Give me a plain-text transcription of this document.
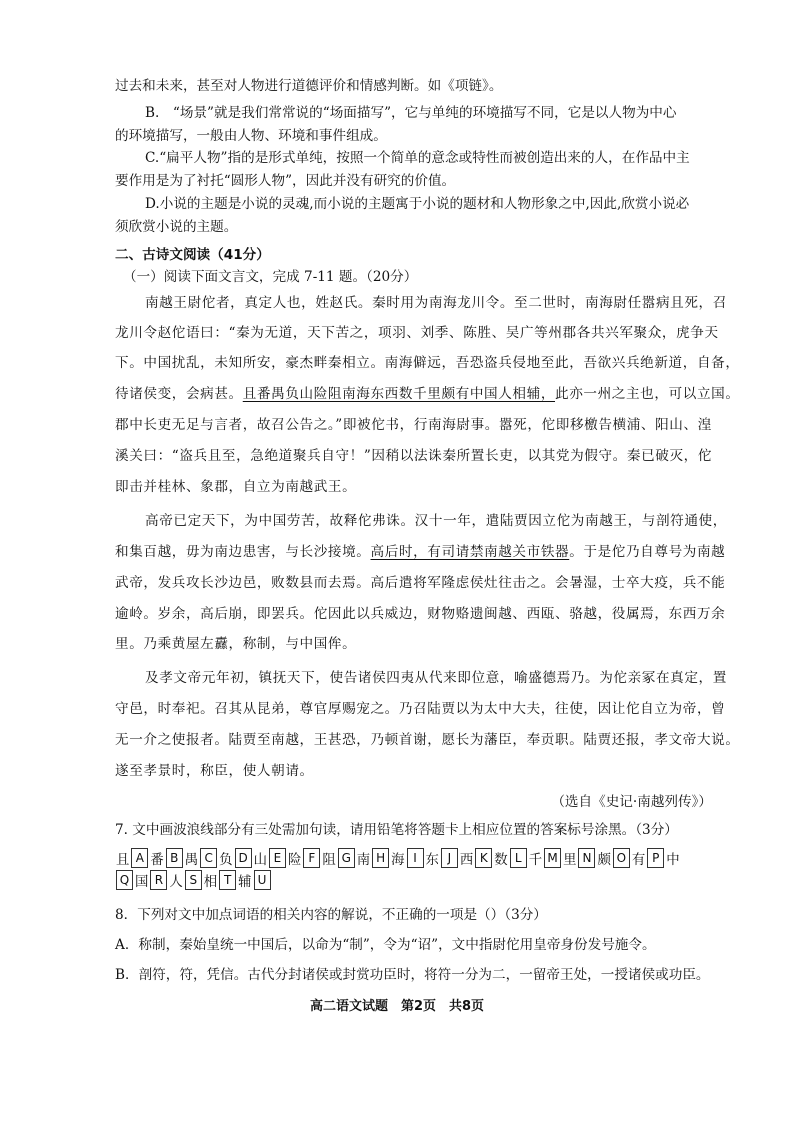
过去和未来，甚至对人物进行道德评价和情感判断。如《项链》。
B.　“场景”就是我们常常说的“场面描写”，它与单纯的环境描写不同，它是以人物为中心
的环境描写，一般由人物、环境和事件组成。
C.“扁平人物”指的是形式单纯，按照一个简单的意念或特性而被创造出来的人，在作品中主
要作用是为了衬托“圆形人物”，因此并没有研究的价值。
D.小说的主题是小说的灵魂,而小说的主题寓于小说的题材和人物形象之中,因此,欣赏小说必
须欣赏小说的主题。
二、古诗文阅读（41分）
（一）阅读下面文言文，完成 7-11 题。（20分）
南越王尉佗者，真定人也，姓赵氏。秦时用为南海龙川令。至二世时，南海尉任嚣病且死，召
龙川令赵佗语曰：“秦为无道，天下苦之，项羽、刘季、陈胜、吴广等州郡各共兴军聚众，虎争天
下。中国扰乱，未知所安，豪杰畔秦相立。南海僻远，吾恐盗兵侵地至此，吾欲兴兵绝新道，自备，
待诸侯变，会病甚。且番禺负山险阻南海东西数千里颇有中国人相辅，此亦一州之主也，可以立国。
郡中长吏无足与言者，故召公告之。”即被佗书，行南海尉事。嚣死，佗即移檄告横浦、阳山、湟
溪关曰：“盗兵且至，急绝道聚兵自守！”因稍以法诛秦所置长吏，以其党为假守。秦已破灭，佗
即击并桂林、象郡，自立为南越武王。
高帝已定天下，为中国劳苦，故释佗弗诛。汉十一年，遣陆贾因立佗为南越王，与剖符通使，
和集百越，毋为南边患害，与长沙接境。高后时，有司请禁南越关市铁器。于是佗乃自尊号为南越
武帝，发兵攻长沙边邑，败数县而去焉。高后遣将军隆虑侯灶往击之。会暑湿，士卒大疫，兵不能
逾岭。岁余，高后崩，即罢兵。佗因此以兵威边，财物赂遗闽越、西瓯、骆越，役属焉，东西万余
里。乃乘黄屋左纛，称制，与中国侔。
及孝文帝元年初，镇抚天下，使告诸侯四夷从代来即位意，喻盛德焉乃。为佗亲冢在真定，置
守邑，时奉祀。召其从昆弟，尊官厚赐宠之。乃召陆贾以为太中大夫，往使，因让佗自立为帝，曾
无一介之使报者。陆贾至南越，王甚恐，乃顿首谢，愿长为藩臣，奉贡职。陆贾还报，孝文帝大说。
遂至孝景时，称臣，使人朝请。
（选自《史记·南越列传》）
7. 文中画波浪线部分有三处需加句读，请用铅笔将答题卡上相应位置的答案标号涂黑。（3分）
且 A 番 B 禺 C 负 D 山 E 险 F 阻 G 南 H 海 I 东 J 西 K 数 L 千 M 里 N 颇 O 有 P 中
Q 国 R 人 S 相 T 辅 U
8．下列对文中加点词语的相关内容的解说，不正确的一项是（）（3分）
A．称制，秦始皇统一中国后，以命为“制”，令为“诏”，文中指尉佗用皇帝身份发号施令。
B．剖符，符，凭信。古代分封诸侯或封赏功臣时，将符一分为二，一留帝王处，一授诸侯或功臣。
高二语文试题　第2页　共8页
